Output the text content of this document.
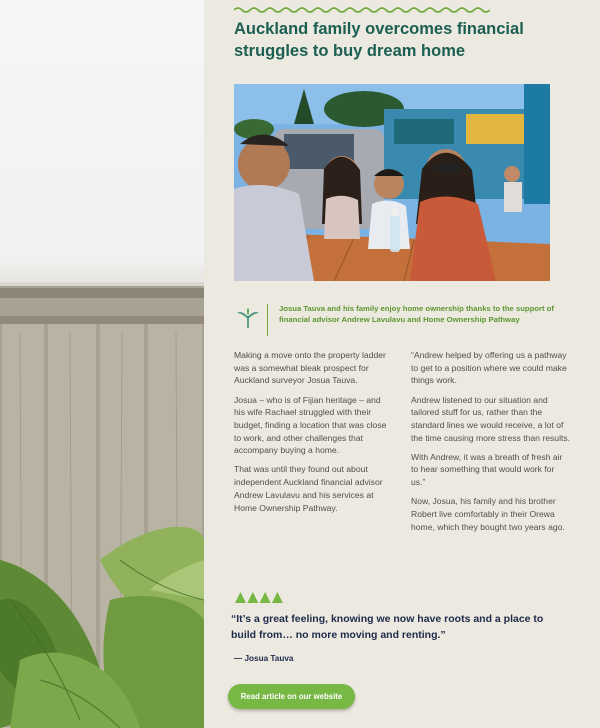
Auckland family overcomes financial struggles to buy dream home
Josua Tauva and his family enjoy home ownership thanks to the support of financial advisor Andrew Lavulavu and Home Ownership Pathway

Making a move onto the property ladder was a somewhat bleak prospect for Auckland surveyor Josua Tauva.

Josua – who is of Fijian heritage – and his wife Rachael struggled with their budget, finding a location that was close to work, and other challenges that accompany buying a home.

That was until they found out about independent Auckland financial advisor Andrew Lavulavu and his services at Home Ownership Pathway.

“Andrew helped by offering us a pathway to get to a position where we could make things work.

Andrew listened to our situation and tailored stuff for us, rather than the standard lines we would receive, a lot of the time causing more stress than results.

With Andrew, it was a breath of fresh air to hear something that would work for us.”

Now, Josua, his family and his brother Robert live comfortably in their Orewa home, which they bought two years ago.

“It’s a great feeling, knowing we now have roots and a place to build from… no more moving and renting.”

— Josua Tauva
Read article on our website
